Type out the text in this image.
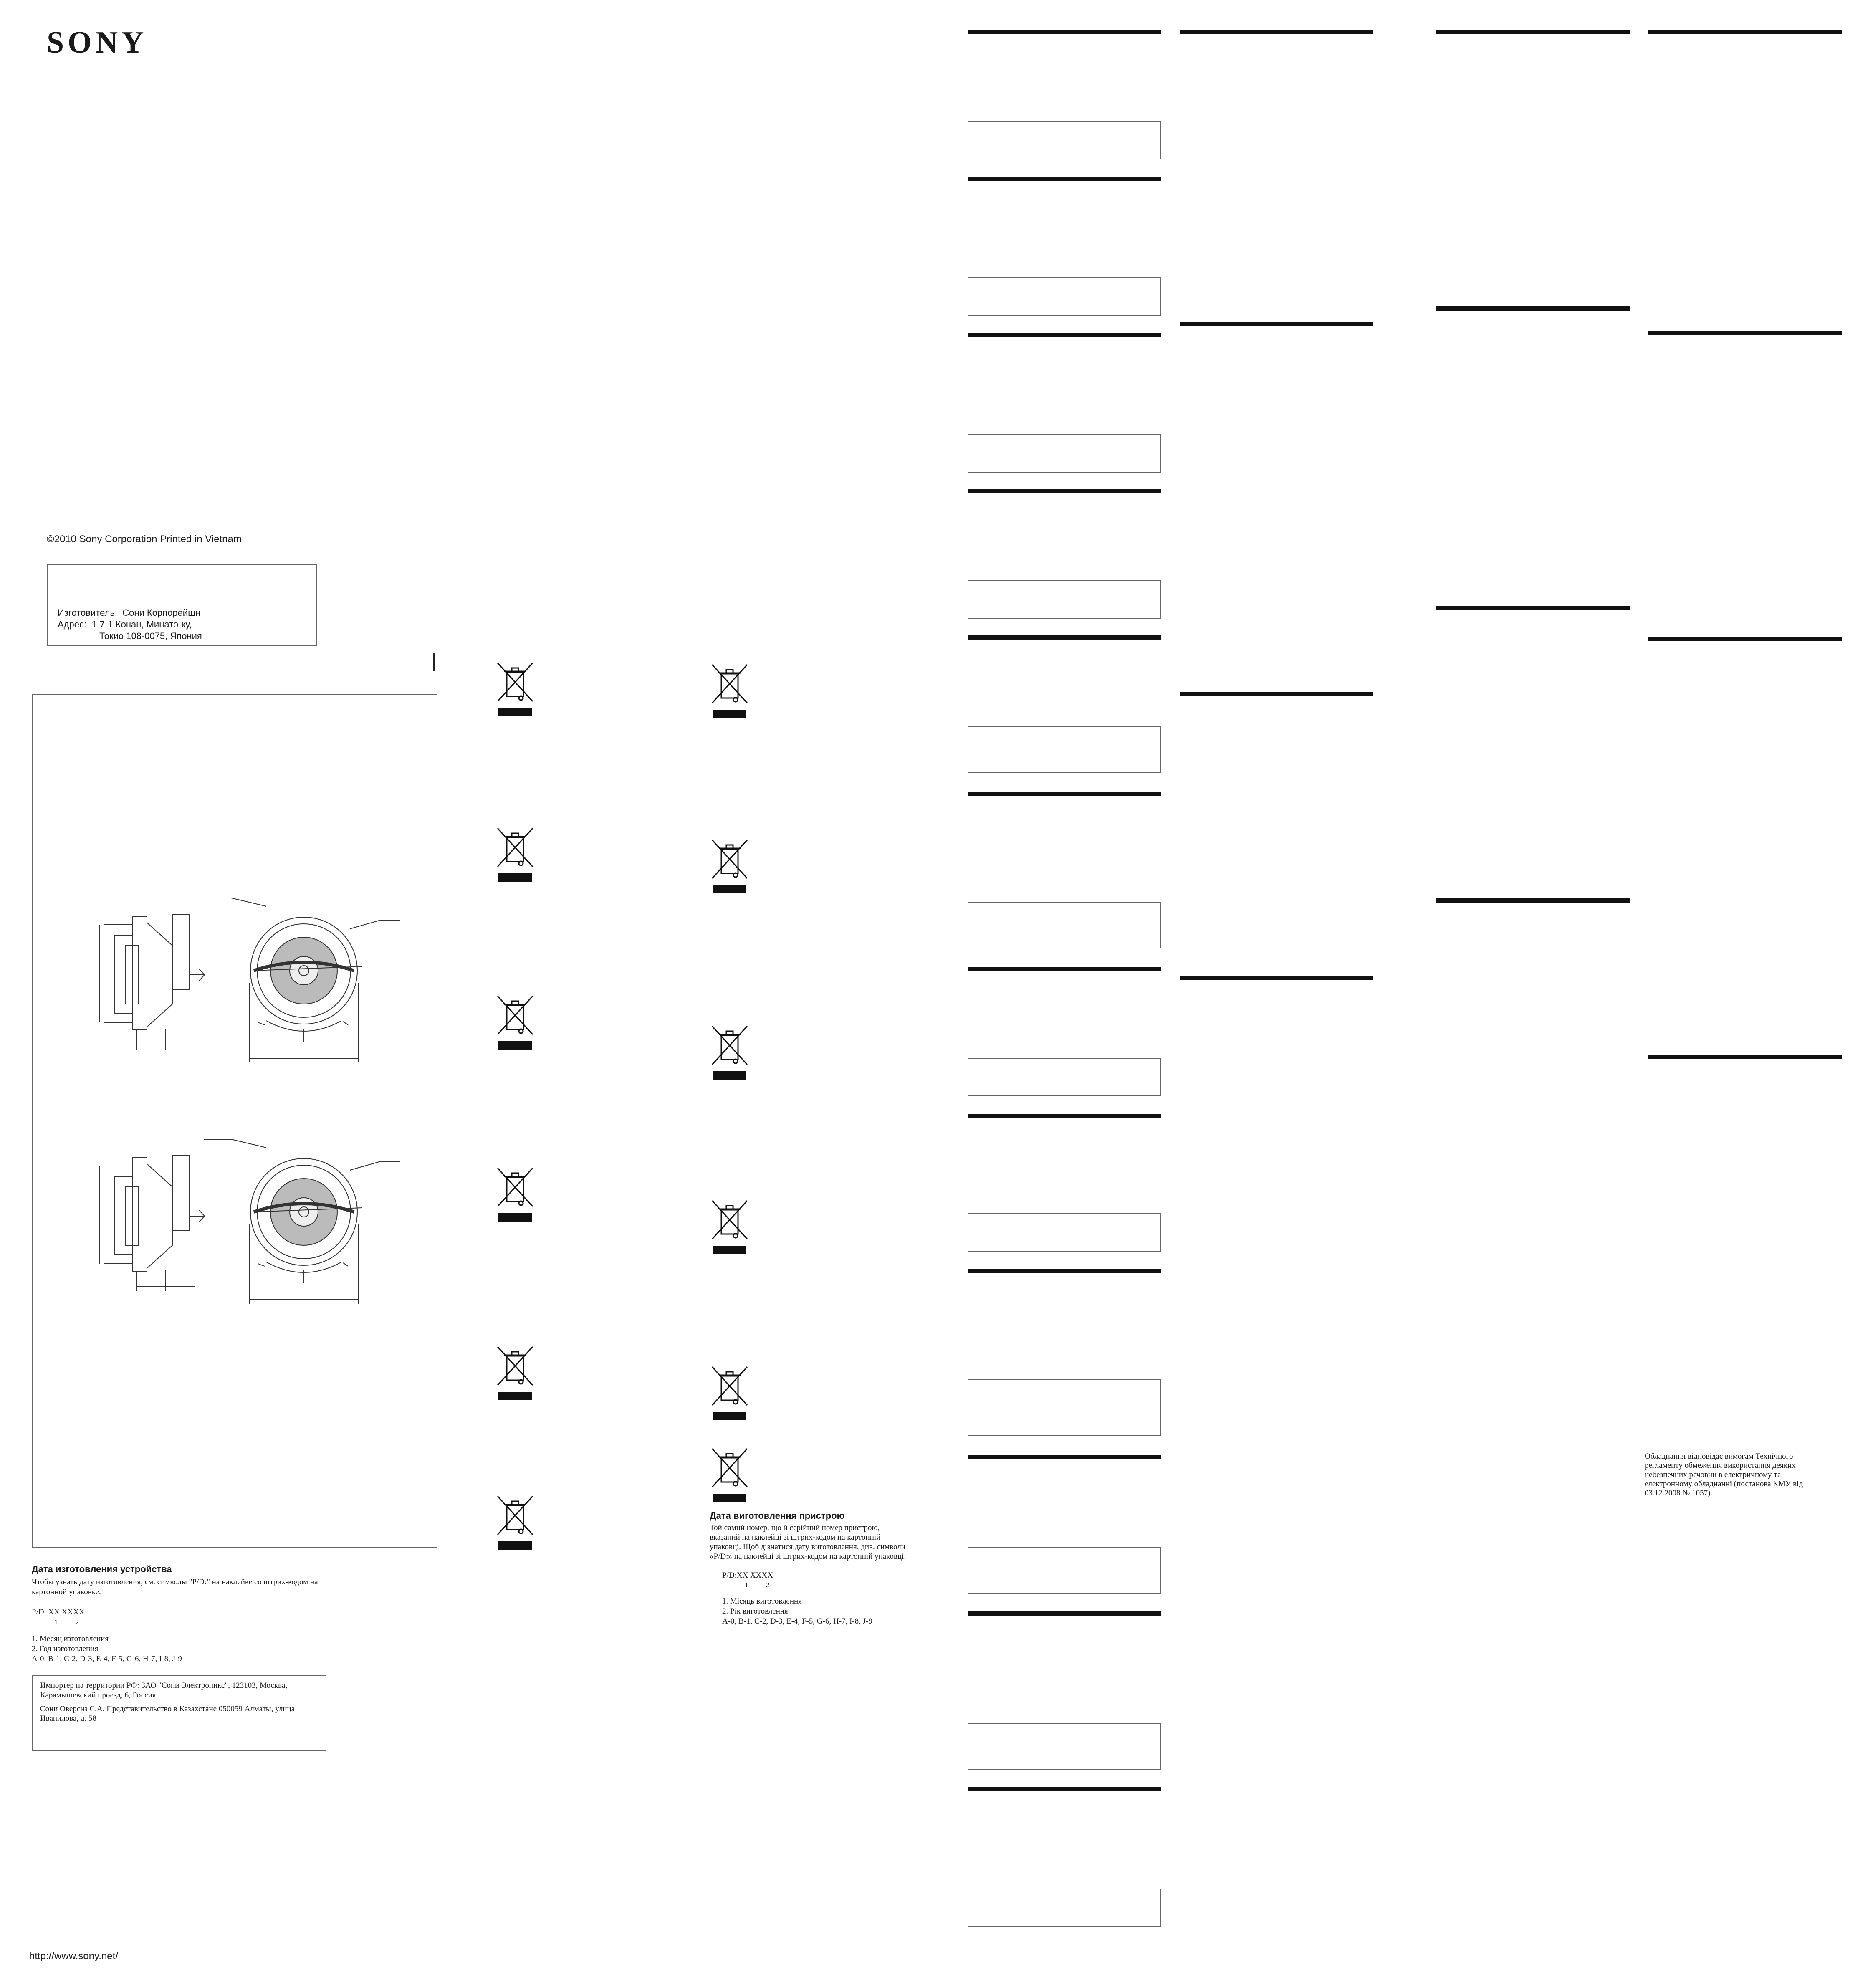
SONY
©2010 Sony Corporation Printed in Vietnam
Изготовитель:  Сони Корпорейшн
Адрес:  1-7-1 Конан, Минато-ку,
Токио 108-0075, Япония
Дата изготовления устройства
Чтобы узнать дату изготовления, см. символы "P/D:" на наклейке со штрих-кодом на картонной упаковке.
P/D: XX XXXX
1 2
1. Месяц изготовления
2. Год изготовления
A-0, B-1, C-2, D-3, E-4, F-5, G-6, H-7, I-8, J-9

Импортер на территории РФ: ЗАО "Сони Электроникс", 123103, Москва, Карамышевский проезд, 6, Россия

Сони Оверсиз С.А. Представительство в Казахстане 050059 Алматы, улица Иванилова, д. 58

http://www.sony.net/
Дата виготовлення пристрою
Той самий номер, що й серійний номер пристрою, вказаний на наклейці зі штрих-кодом на картонній упаковці. Щоб дізнатися дату виготовлення, див. символи «P/D:» на наклейці зі штрих-кодом на картонній упаковці.
P/D:XX XXXX
1 2
1. Місяць виготовлення
2. Рік виготовлення
A-0, B-1, C-2, D-3, E-4, F-5, G-6, H-7, I-8, J-9
Обладнання відповідає вимогам Технічного регламенту обмеження використання деяких небезпечних речовин в електричному та електронному обладнанні (постанова КМУ від 03.12.2008 № 1057).
